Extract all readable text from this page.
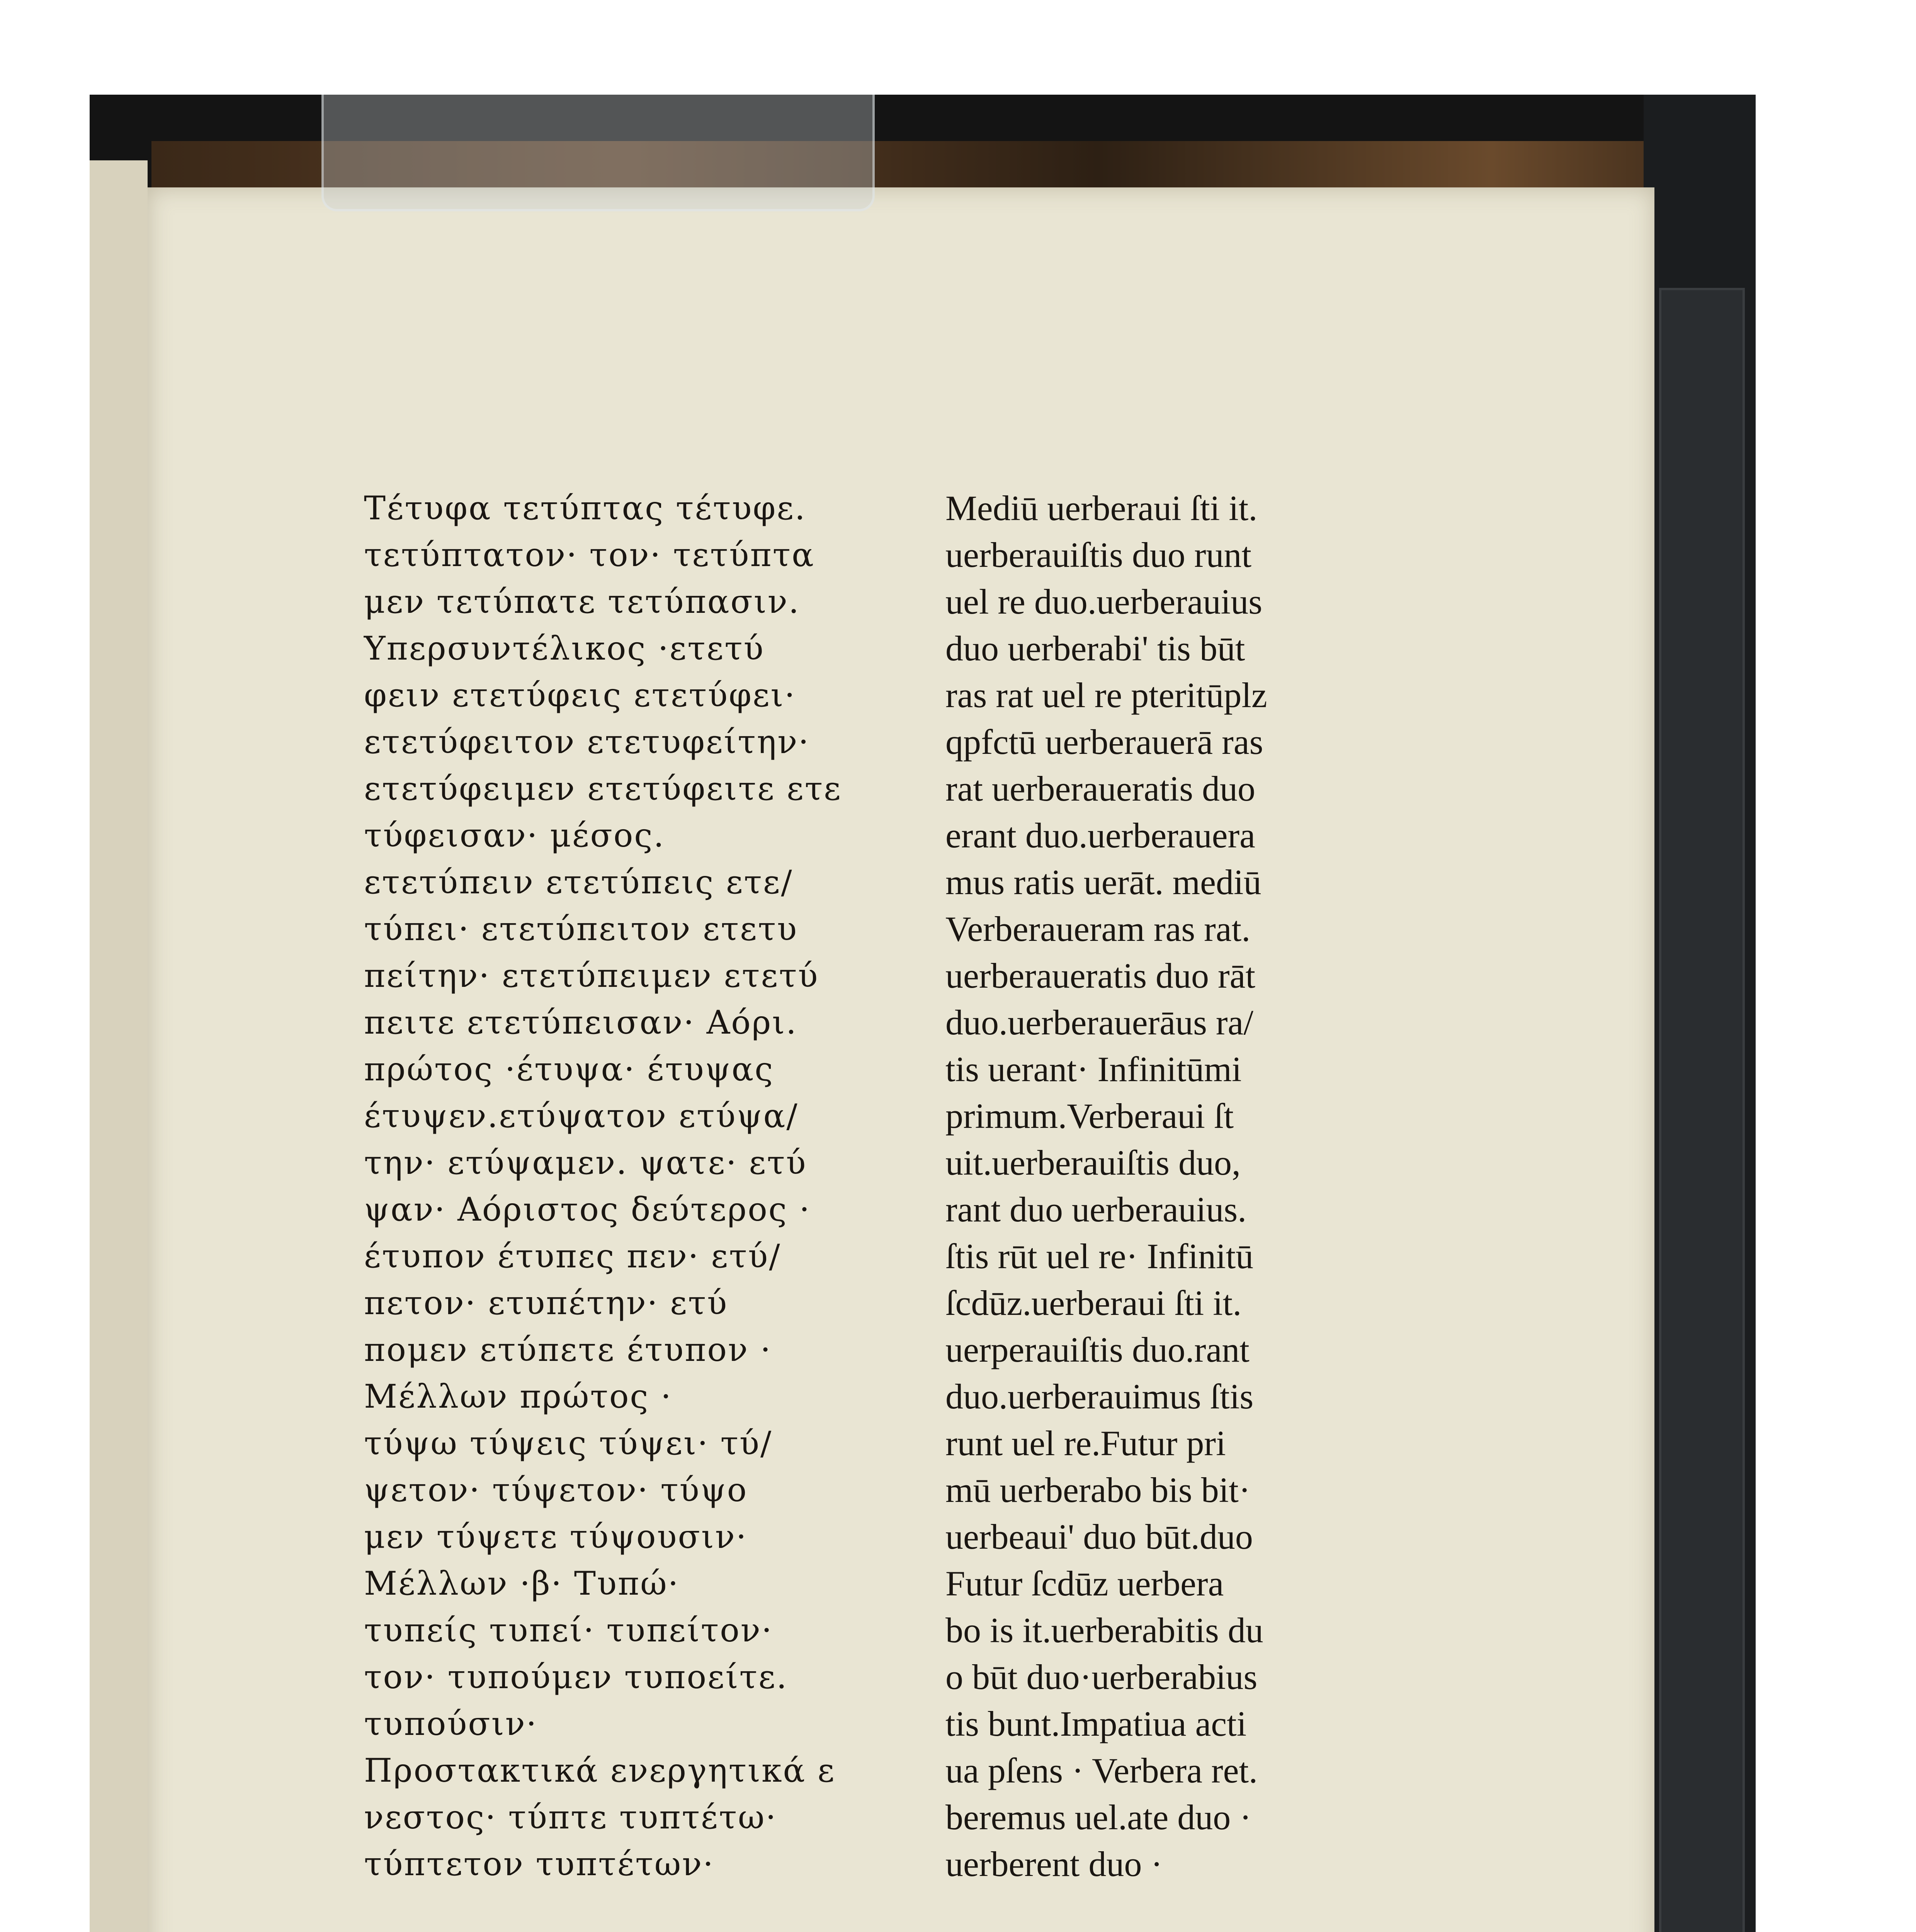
Τέτυφα τετύπτας τέτυφε.
τετύπτατον· τον· τετύπτα
μεν τετύπατε τετύπασιν.
Υπερσυντέλικος ·ετετύ
φειν ετετύφεις ετετύφει·
ετετύφειτον ετετυφείτην·
ετετύφειμεν ετετύφειτε ετε
τύφεισαν· μέσος.
ετετύπειν ετετύπεις ετε/
τύπει· ετετύπειτον ετετυ
πείτην· ετετύπειμεν ετετύ
πειτε ετετύπεισαν· Αόρι.
πρώτος ·έτυψα· έτυψας
έτυψεν.ετύψατον ετύψα/
την· ετύψαμεν. ψατε· ετύ
ψαν· Αόριστος δεύτερος ·
έτυπον έτυπες πεν· ετύ/
πετον· ετυπέτην· ετύ
πομεν ετύπετε έτυπον ·
Μέλλων πρώτος ·
τύψω τύψεις τύψει· τύ/
ψετον· τύψετον· τύψο
μεν τύψετε τύψουσιν·
Μέλλων ·β· Τυπώ·
τυπείς τυπεί· τυπείτον·
τον· τυπούμεν τυποείτε.
τυπούσιν·
Προστακτικά ενεργητικά ε
νεστος· τύπτε τυπτέτω·
τύπτετον τυπτέτων·
Mediū uerberaui ſti it.
uerberauiſtis duo runt
uel re duo.uerberauius
duo uerberabi' tis būt
ras rat uel re pteritūplz
qpfctū uerberauerā ras
rat uerberaueratis duo
erant duo.uerberauera
mus ratis uerāt. mediū
Verberaueram ras rat.
uerberaueratis duo rāt
duo.uerberauerāus ra/
tis uerant· Infinitūmi
primum.Verberaui ſt
uit.uerberauiſtis duo,
rant duo uerberauius.
ſtis rūt uel re· Infinitū
ſcdūz.uerberaui ſti it.
uerperauiſtis duo.rant
duo.uerberauimus ſtis
runt uel re.Futur pri
mū uerberabo bis bit·
uerbeaui' duo būt.duo
Futur ſcdūz uerbera
bo is it.uerberabitis du
o būt duo·uerberabius
tis bunt.Impatiua acti
ua pſens · Verbera ret.
beremus uel.ate duo ·
uerberent duo ·
